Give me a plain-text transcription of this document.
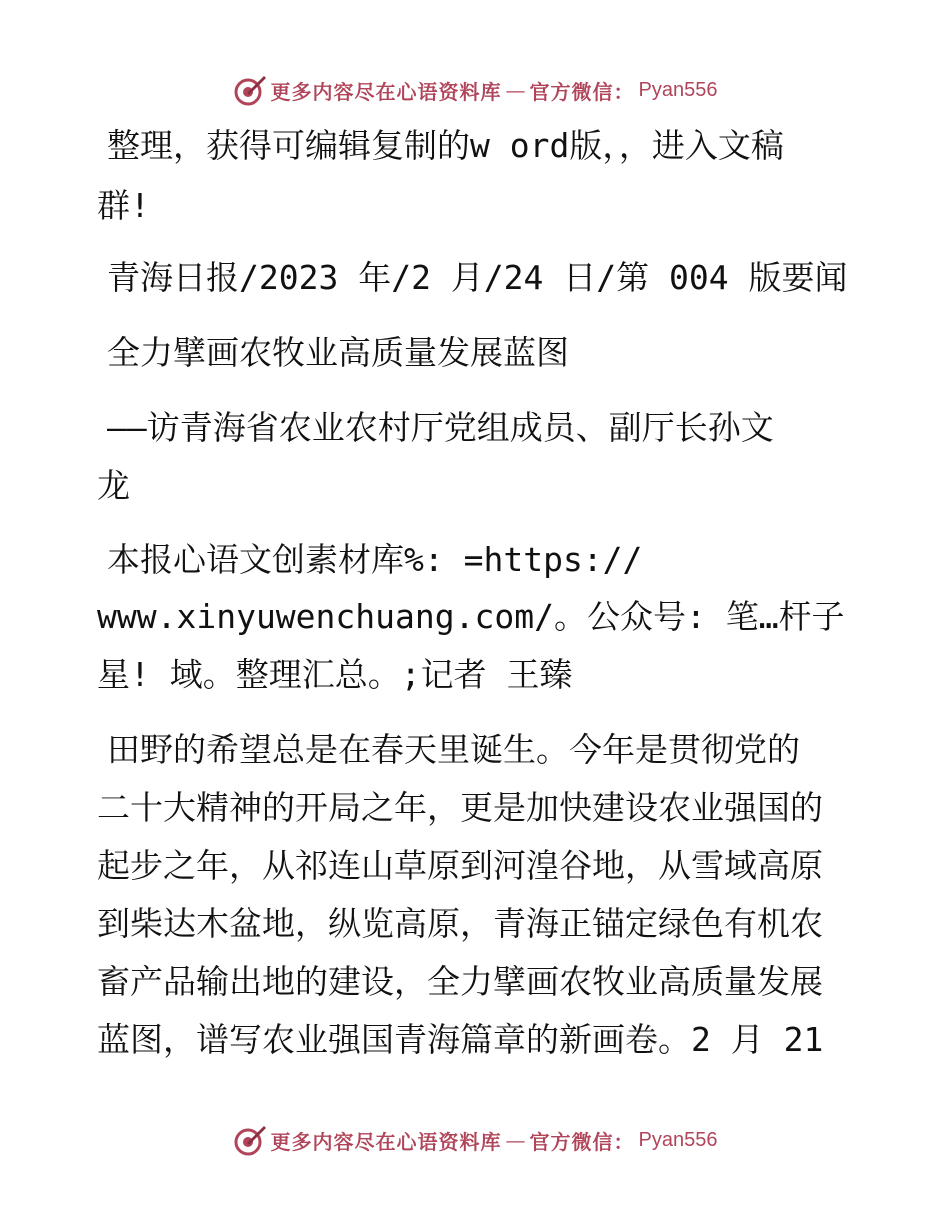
更多内容尽在心语资料库 — 官方微信： Pyan556
整理，获得可编辑复制的w ord版，，进入文稿
群!
青海日报/2023 年/2 月/24 日/第 004 版要闻
全力擘画农牧业高质量发展蓝图
——访青海省农业农村厅党组成员、副厅长孙文
龙
本报心语文创素材库%: =https://
www.xinyuwenchuang.com/。公众号: 笔…杆子
星! 域。整理汇总。;记者 王臻
田野的希望总是在春天里诞生。今年是贯彻党的
二十大精神的开局之年，更是加快建设农业强国的
起步之年，从祁连山草原到河湟谷地，从雪域高原
到柴达木盆地，纵览高原，青海正锚定绿色有机农
畜产品输出地的建设，全力擘画农牧业高质量发展
蓝图，谱写农业强国青海篇章的新画卷。2 月 21
更多内容尽在心语资料库 — 官方微信： Pyan556
